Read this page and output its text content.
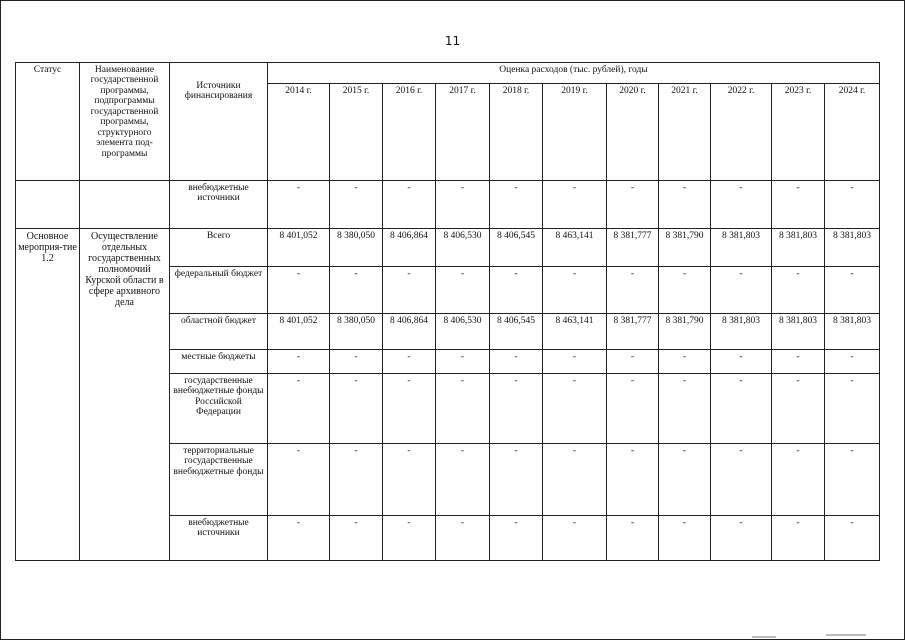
11
Статус	Наименование государственной программы, подпрограммы государственной программы, структурного элемента под-программы	Источники финансирования	Оценка расходов (тыс. рублей), годы										
			2014 г.	2015 г.	2016 г.	2017 г.	2018 г.	2019 г.	2020 г.	2021 г.	2022 г.	2023 г.	2024 г.
		внебюджетные источники	-	-	-	-	-	-	-	-	-	-	-
Основное мероприя-тие 1.2	Осуществление отдельных государственных полномочий Курской области в сфере архивного дела	Всего	8 401,052	8 380,050	8 406,864	8 406,530	8 406,545	8 463,141	8 381,777	8 381,790	8 381,803	8 381,803	8 381,803
		федеральный бюджет	-	-	-	-	-	-	-	-	-	-	-
		областной бюджет	8 401,052	8 380,050	8 406,864	8 406,530	8 406,545	8 463,141	8 381,777	8 381,790	8 381,803	8 381,803	8 381,803
		местные бюджеты	-	-	-	-	-	-	-	-	-	-	-
		государственные внебюджетные фонды Российской Федерации	-	-	-	-	-	-	-	-	-	-	-
		территориальные государственные внебюджетные фонды	-	-	-	-	-	-	-	-	-	-	-
		внебюджетные источники	-	-	-	-	-	-	-	-	-	-	-
